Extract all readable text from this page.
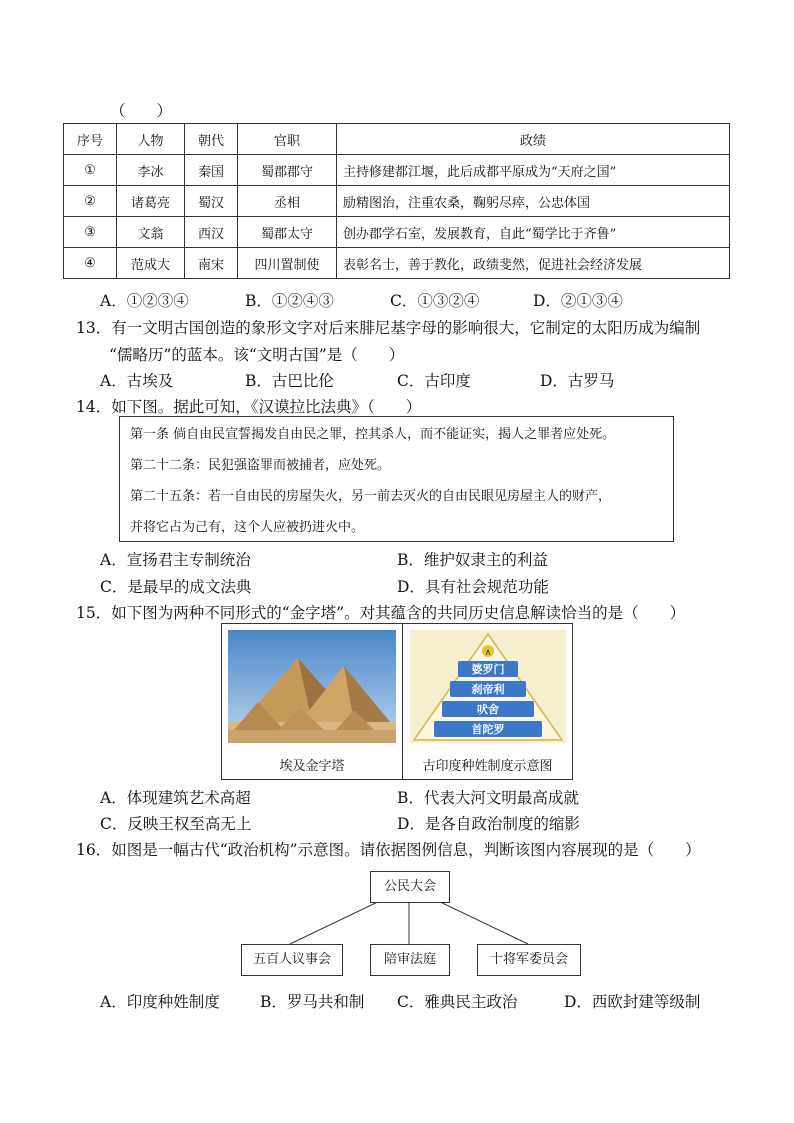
（　　）
序号	人物	朝代	官职	政绩
①	李冰	秦国	蜀郡郡守	主持修建都江堰，此后成都平原成为“天府之国”
②	诸葛亮	蜀汉	丞相	励精图治，注重农桑，鞠躬尽瘁，公忠体国
③	文翁	西汉	蜀郡太守	创办郡学石室，发展教育，自此“蜀学比于齐鲁”
④	范成大	南宋	四川置制使	表彰名士，善于教化，政绩斐然，促进社会经济发展
A．①②③④	B．①②④③	C．①③②④	D．②①③④
13．有一文明古国创造的象形文字对后来腓尼基字母的影响很大，它制定的太阳历成为编制
“儒略历”的蓝本。该“文明古国”是（　　）
A．古埃及	B．古巴比伦	C．古印度	D．古罗马
14．如下图。据此可知，《汉谟拉比法典》（　　）
第一条 倘自由民宣誓揭发自由民之罪，控其杀人，而不能证实，揭人之罪者应处死。
第二十二条：民犯强盗罪而被捕者，应处死。
第二十五条：若一自由民的房屋失火，另一前去灭火的自由民眼见房屋主人的财产，
并将它占为己有，这个人应被扔进火中。
A．宣扬君主专制统治	B．维护奴隶主的利益
C．是最早的成文法典	D．具有社会规范功能
15．如下图为两种不同形式的“金字塔”。对其蕴含的共同历史信息解读恰当的是（　　）
埃及金字塔
∧
婆罗门
刹帝利
吠舍
首陀罗
古印度种姓制度示意图
A．体现建筑艺术高超	B．代表大河文明最高成就
C．反映王权至高无上	D．是各自政治制度的缩影
16．如图是一幅古代“政治机构”示意图。请依据图例信息，判断该图内容展现的是（　　）
公民大会
五百人议事会	陪审法庭	十将军委员会
A．印度种姓制度	B．罗马共和制 C．雅典民主政治	D．西欧封建等级制
